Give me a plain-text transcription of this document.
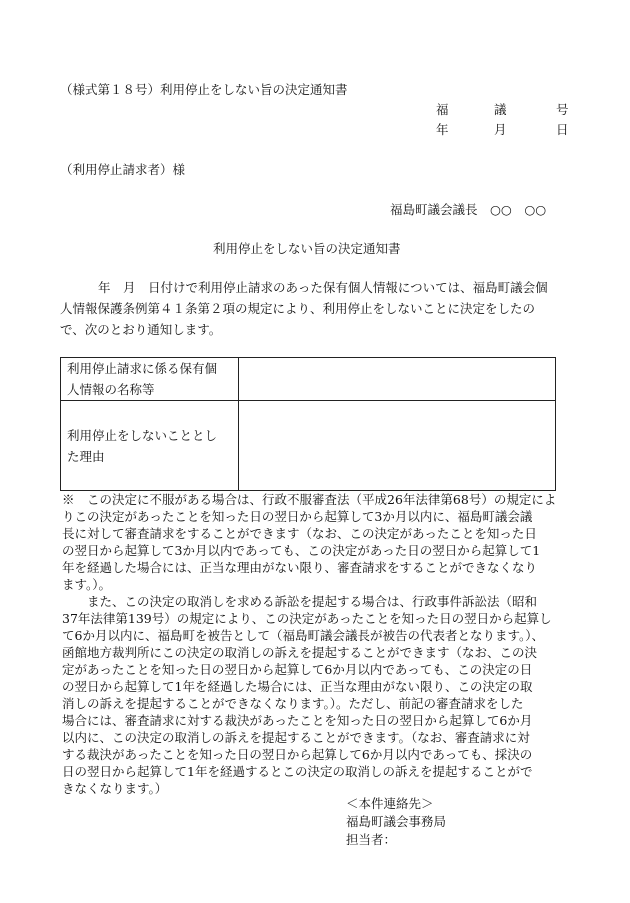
（様式第１８号）利用停止をしない旨の決定通知書
福	議	号
年	月	日
（利用停止請求者）様
福島町議会議長　○○　○○
利用停止をしない旨の決定通知書
年　月　日付けで利用停止請求のあった保有個人情報については、福島町議会個
人情報保護条例第４１条第２項の規定により、利用停止をしないことに決定をしたの
で、次のとおり通知します。
利用停止請求に係る保有個
人情報の名称等	

利用停止をしないこととし
た理由	

※　この決定に不服がある場合は、行政不服審査法（平成26年法律第68号）の規定によ
りこの決定があったことを知った日の翌日から起算して3か月以内に、福島町議会議
長に対して審査請求をすることができます（なお、この決定があったことを知った日
の翌日から起算して3か月以内であっても、この決定があった日の翌日から起算して1
年を経過した場合には、正当な理由がない限り、審査請求をすることができなくなり
ます。）。
また、この決定の取消しを求める訴訟を提起する場合は、行政事件訴訟法（昭和
37年法律第139号）の規定により、この決定があったことを知った日の翌日から起算し
て6か月以内に、福島町を被告として（福島町議会議長が被告の代表者となります。）、
函館地方裁判所にこの決定の取消しの訴えを提起することができます（なお、この決
定があったことを知った日の翌日から起算して6か月以内であっても、この決定の日
の翌日から起算して1年を経過した場合には、正当な理由がない限り、この決定の取
消しの訴えを提起することができなくなります。）。ただし、前記の審査請求をした
場合には、審査請求に対する裁決があったことを知った日の翌日から起算して6か月
以内に、この決定の取消しの訴えを提起することができます。（なお、審査請求に対
する裁決があったことを知った日の翌日から起算して6か月以内であっても、採決の
日の翌日から起算して1年を経過するとこの決定の取消しの訴えを提起することがで
きなくなります。）
＜本件連絡先＞
福島町議会事務局
担当者：
